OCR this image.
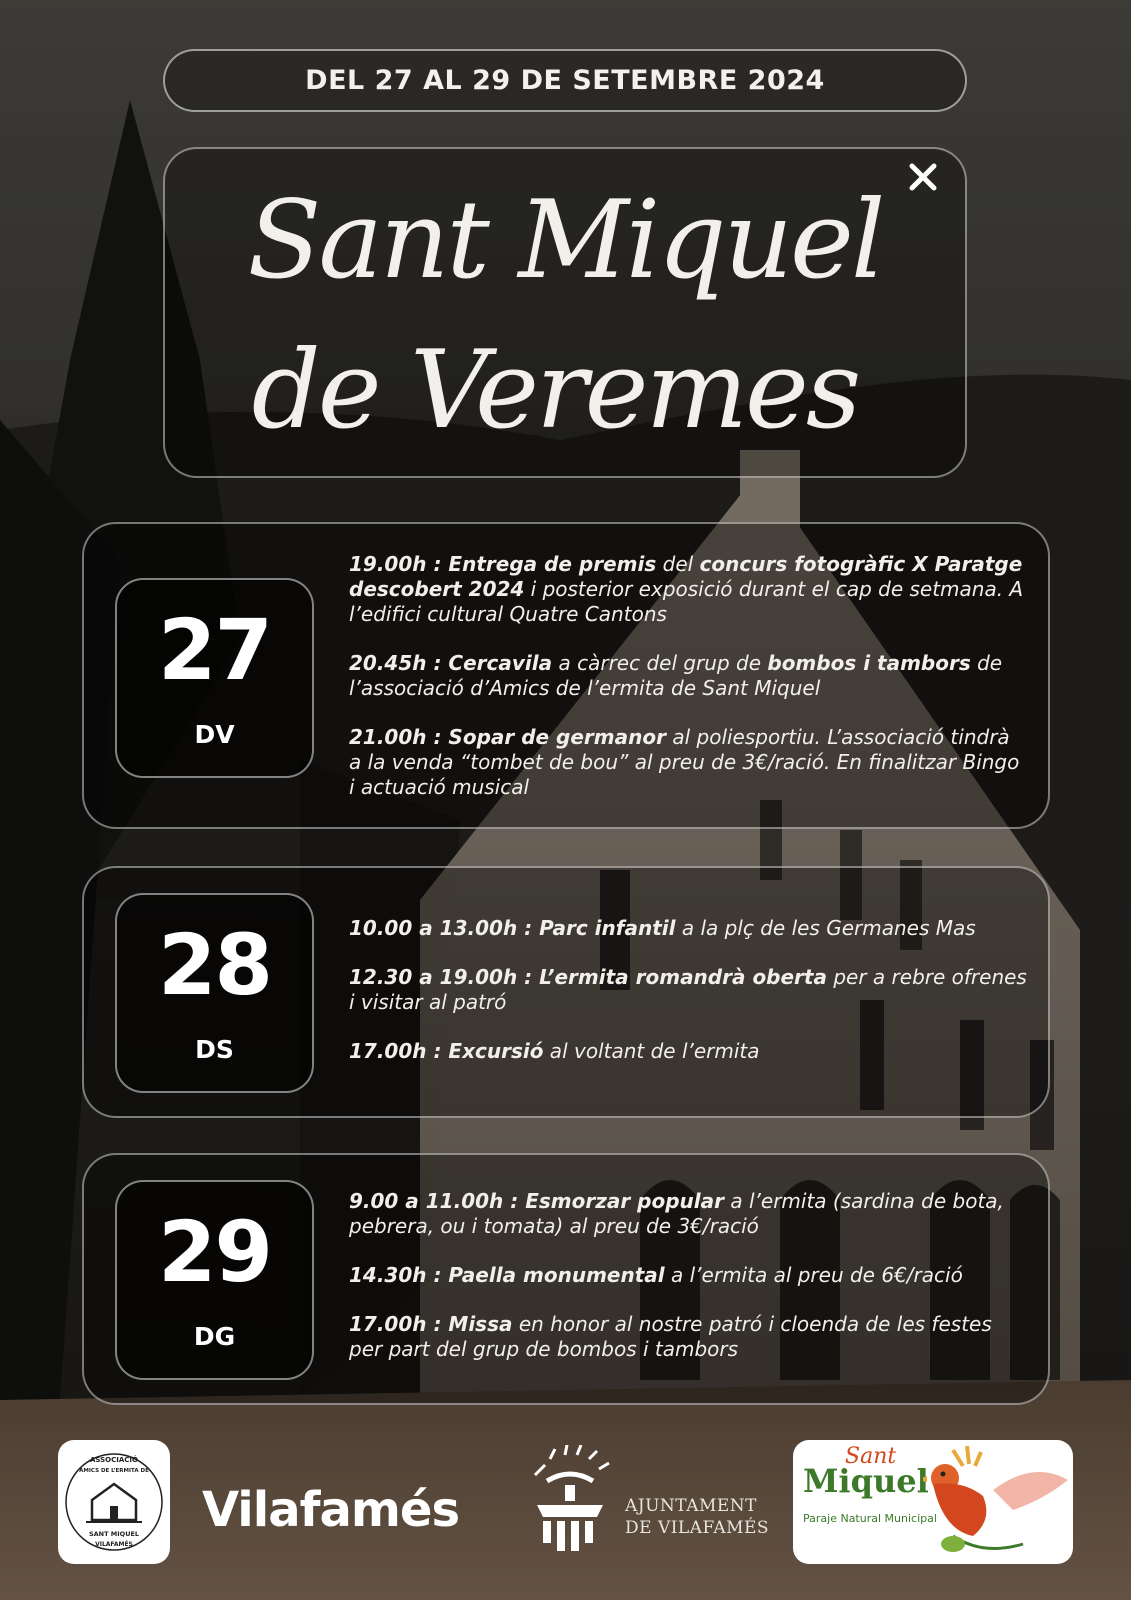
DEL 27 AL 29 DE SETEMBRE 2024
Sant Miquel
de Veremes
27
DV
19.00h : Entrega de premis del concurs fotogràfic X Paratge descobert 2024 i posterior exposició durant el cap de setmana. A l’edifici cultural Quatre Cantons
20.45h : Cercavila a càrrec del grup de bombos i tambors de l’associació d’Amics de l’ermita de Sant Miquel
21.00h : Sopar de germanor al poliesportiu. L’associació tindrà a la venda “tombet de bou” al preu de 3€/ració. En finalitzar Bingo i actuació musical
28
DS
10.00 a 13.00h : Parc infantil a la plç de les Germanes Mas
12.30 a 19.00h : L’ermita romandrà oberta per a rebre ofrenes i visitar al patró
17.00h : Excursió al voltant de l’ermita
29
DG
9.00 a 11.00h : Esmorzar popular a l’ermita (sardina de bota, pebrera, ou i tomata) al preu de 3€/ració
14.30h : Paella monumental a l’ermita al preu de 6€/ració
17.00h : Missa en honor al nostre patró i cloenda de les festes per part del grup de bombos i tambors
ASSOCIACIÓ
AMICS DE L’ERMITA DE
SANT MIQUEL
VILAFAMÉS
Vilafamés	AJUNTAMENT
DE VILAFAMÉS
Sant
Miquel
Paraje Natural Municipal
